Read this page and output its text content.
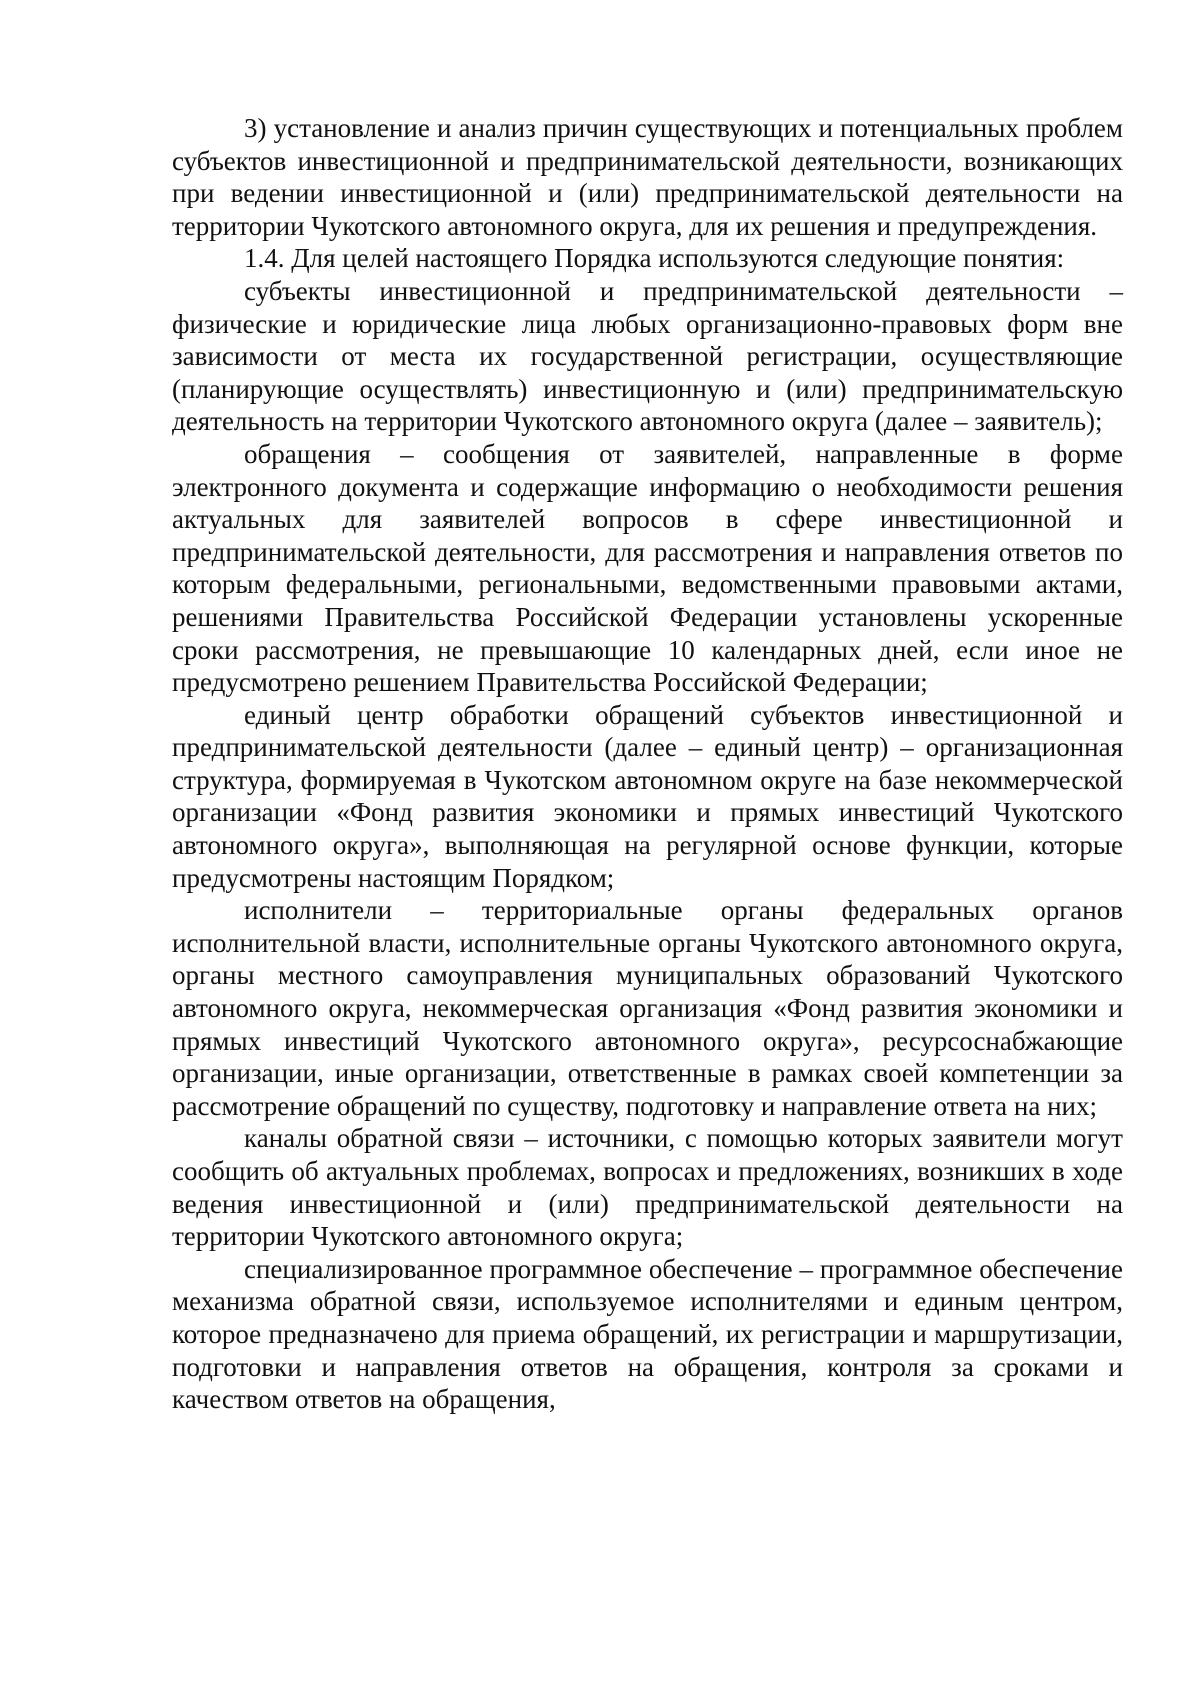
3) установление и анализ причин существующих и потенциальных проблем субъектов инвестиционной и предпринимательской деятельности, возникающих при ведении инвестиционной и (или) предпринимательской деятельности на территории Чукотского автономного округа, для их решения и предупреждения.

1.4. Для целей настоящего Порядка используются следующие понятия:

субъекты инвестиционной и предпринимательской деятельности – физические и юридические лица любых организационно-правовых форм вне зависимости от места их государственной регистрации, осуществляющие (планирующие осуществлять) инвестиционную и (или) предпринимательскую деятельность на территории Чукотского автономного округа (далее – заявитель);

обращения – сообщения от заявителей, направленные в форме электронного документа и содержащие информацию о необходимости решения актуальных для заявителей вопросов в сфере инвестиционной и предпринимательской деятельности, для рассмотрения и направления ответов по которым федеральными, региональными, ведомственными правовыми актами, решениями Правительства Российской Федерации установлены ускоренные сроки рассмотрения, не превышающие 10 календарных дней, если иное не предусмотрено решением Правительства Российской Федерации;

единый центр обработки обращений субъектов инвестиционной и предпринимательской деятельности (далее – единый центр) – организационная структура, формируемая в Чукотском автономном округе на базе некоммерческой организации «Фонд развития экономики и прямых инвестиций Чукотского автономного округа», выполняющая на регулярной основе функции, которые предусмотрены настоящим Порядком;

исполнители – территориальные органы федеральных органов исполнительной власти, исполнительные органы Чукотского автономного округа, органы местного самоуправления муниципальных образований Чукотского автономного округа, некоммерческая организация «Фонд развития экономики и прямых инвестиций Чукотского автономного округа», ресурсоснабжающие организации, иные организации, ответственные в рамках своей компетенции за рассмотрение обращений по существу, подготовку и направление ответа на них;

каналы обратной связи – источники, с помощью которых заявители могут сообщить об актуальных проблемах, вопросах и предложениях, возникших в ходе ведения инвестиционной и (или) предпринимательской деятельности на территории Чукотского автономного округа;

специализированное программное обеспечение – программное обеспечение механизма обратной связи, используемое исполнителями и единым центром, которое предназначено для приема обращений, их регистрации и маршрутизации, подготовки и направления ответов на обращения, контроля за сроками и качеством ответов на обращения,
